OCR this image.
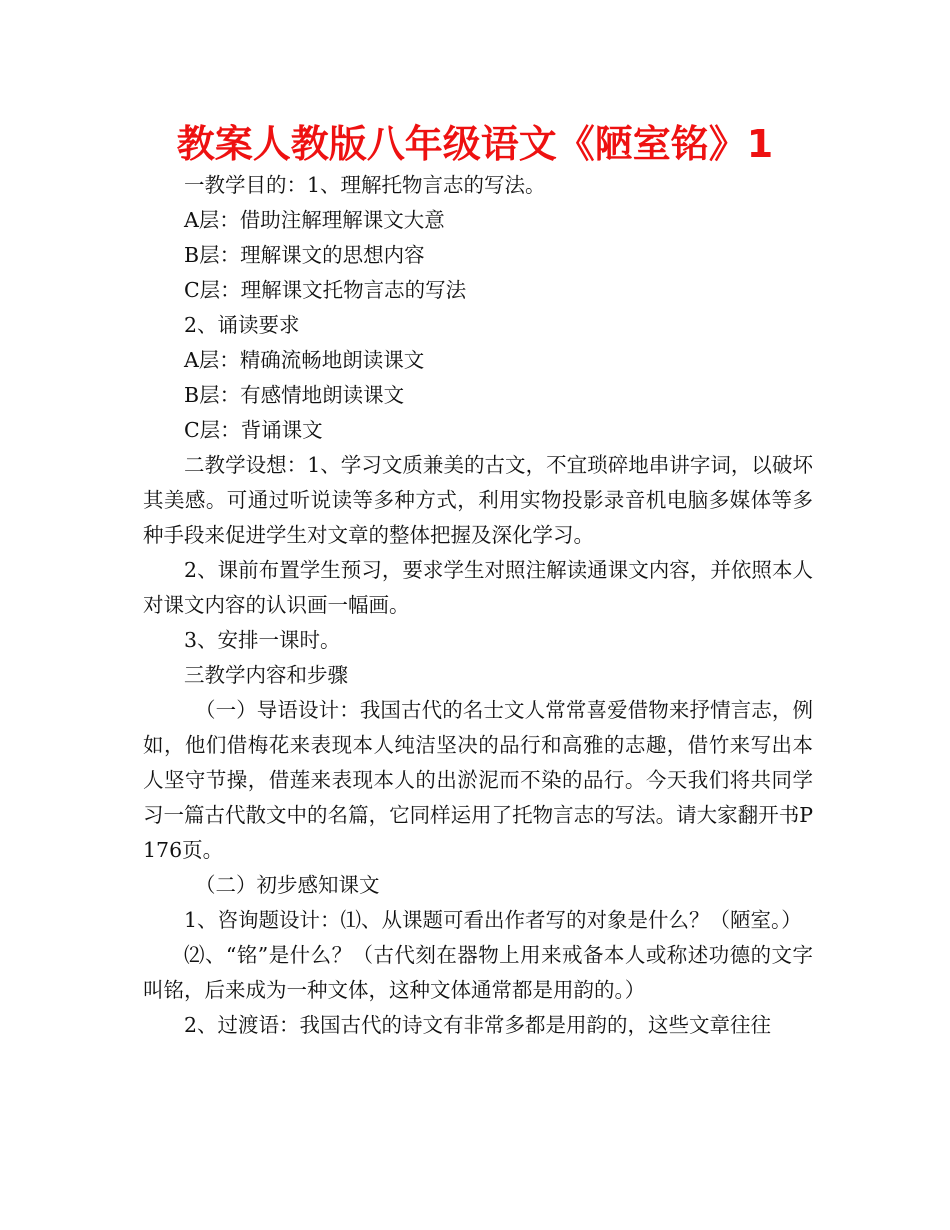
教案人教版八年级语文《陋室铭》1

一教学目的：1、理解托物言志的写法。

A层：借助注解理解课文大意

B层：理解课文的思想内容

C层：理解课文托物言志的写法

2、诵读要求

A层：精确流畅地朗读课文

B层：有感情地朗读课文

C层：背诵课文

二教学设想：1、学习文质兼美的古文，不宜琐碎地串讲字词，以破坏其美感。可通过听说读等多种方式，利用实物投影录音机电脑多媒体等多种手段来促进学生对文章的整体把握及深化学习。

2、课前布置学生预习，要求学生对照注解读通课文内容，并依照本人对课文内容的认识画一幅画。

3、安排一课时。

三教学内容和步骤

（一）导语设计：我国古代的名士文人常常喜爱借物来抒情言志，例如，他们借梅花来表现本人纯洁坚决的品行和高雅的志趣，借竹来写出本人坚守节操，借莲来表现本人的出淤泥而不染的品行。今天我们将共同学习一篇古代散文中的名篇，它同样运用了托物言志的写法。请大家翻开书P176页。

（二）初步感知课文

1、咨询题设计：⑴、从课题可看出作者写的对象是什么？（陋室。）

⑵、“铭”是什么？（古代刻在器物上用来戒备本人或称述功德的文字叫铭，后来成为一种文体，这种文体通常都是用韵的。）

2、过渡语：我国古代的诗文有非常多都是用韵的，这些文章往往
